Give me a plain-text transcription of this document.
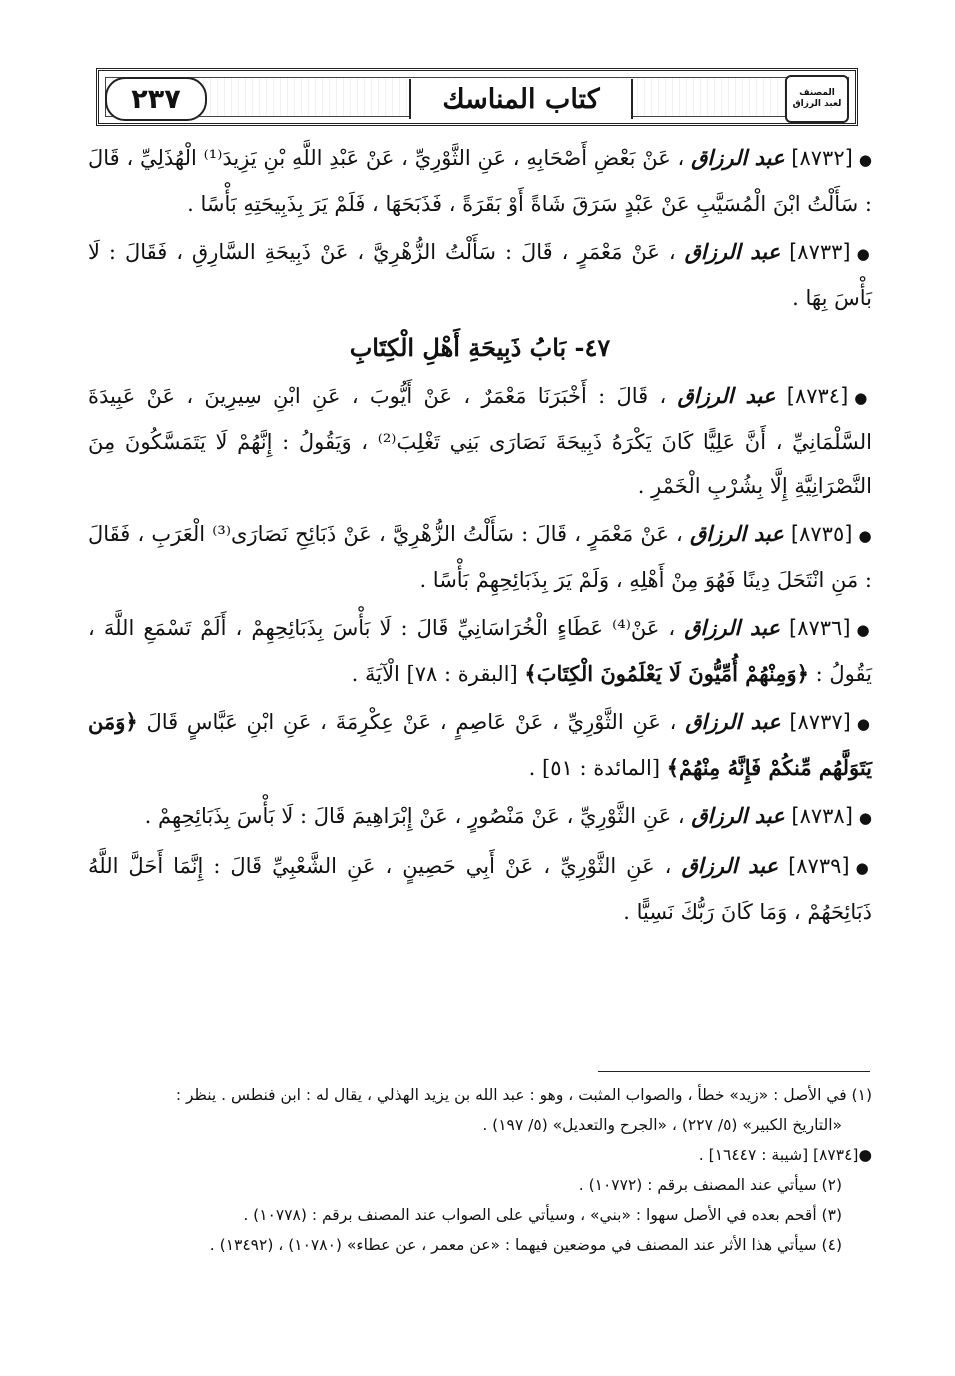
٢٣٧	كتاب المناسك	المصنف
لعبد الرزاق
●[٨٧٣٢] عبد الرزاق ، عَنْ بَعْضِ أَصْحَابِهِ ، عَنِ الثَّوْرِيِّ ، عَنْ عَبْدِ اللَّهِ بْنِ يَزِيدَ⁽¹⁾ الْهُذَلِيِّ ، قَالَ : سَأَلْتُ ابْنَ الْمُسَيَّبِ عَنْ عَبْدٍ سَرَقَ شَاةً أَوْ بَقَرَةً ، فَذَبَحَهَا ، فَلَمْ يَرَ بِذَبِيحَتِهِ بَأْسًا .
●[٨٧٣٣] عبد الرزاق ، عَنْ مَعْمَرٍ ، قَالَ : سَأَلْتُ الزُّهْرِيَّ ، عَنْ ذَبِيحَةِ السَّارِقِ ، فَقَالَ : لَا بَأْسَ بِهَا .
٤٧- بَابُ ذَبِيحَةِ أَهْلِ الْكِتَابِ
●[٨٧٣٤] عبد الرزاق ، قَالَ : أَخْبَرَنَا مَعْمَرٌ ، عَنْ أَيُّوبَ ، عَنِ ابْنِ سِيرِينَ ، عَنْ عَبِيدَةَ السَّلْمَانِيِّ ، أَنَّ عَلِيًّا كَانَ يَكْرَهُ ذَبِيحَةَ نَصَارَى بَنِي تَغْلِبَ⁽²⁾ ، وَيَقُولُ : إِنَّهُمْ لَا يَتَمَسَّكُونَ مِنَ النَّصْرَانِيَّةِ إِلَّا بِشُرْبِ الْخَمْرِ .
●[٨٧٣٥] عبد الرزاق ، عَنْ مَعْمَرٍ ، قَالَ : سَأَلْتُ الزُّهْرِيَّ ، عَنْ ذَبَائِحِ نَصَارَى⁽³⁾ الْعَرَبِ ، فَقَالَ : مَنِ انْتَحَلَ دِينًا فَهُوَ مِنْ أَهْلِهِ ، وَلَمْ يَرَ بِذَبَائِحِهِمْ بَأْسًا .
●[٨٧٣٦] عبد الرزاق ، عَنْ⁽⁴⁾ عَطَاءٍ الْخُرَاسَانِيِّ قَالَ : لَا بَأْسَ بِذَبَائِحِهِمْ ، أَلَمْ تَسْمَعِ اللَّهَ ، يَقُولُ : ﴿وَمِنْهُمْ أُمِّيُّونَ لَا يَعْلَمُونَ الْكِتَابَ﴾ [البقرة : ٧٨] الْآيَةَ .
●[٨٧٣٧] عبد الرزاق ، عَنِ الثَّوْرِيِّ ، عَنْ عَاصِمٍ ، عَنْ عِكْرِمَةَ ، عَنِ ابْنِ عَبَّاسٍ قَالَ ﴿وَمَن يَتَوَلَّهُم مِّنكُمْ فَإِنَّهُ مِنْهُمْ﴾ [المائدة : ٥١] .
●[٨٧٣٨] عبد الرزاق ، عَنِ الثَّوْرِيِّ ، عَنْ مَنْصُورٍ ، عَنْ إِبْرَاهِيمَ قَالَ : لَا بَأْسَ بِذَبَائِحِهِمْ .
●[٨٧٣٩] عبد الرزاق ، عَنِ الثَّوْرِيِّ ، عَنْ أَبِي حَصِينٍ ، عَنِ الشَّعْبِيِّ قَالَ : إِنَّمَا أَحَلَّ اللَّهُ ذَبَائِحَهُمْ ، وَمَا كَانَ رَبُّكَ نَسِيًّا .

(١) في الأصل : «زيد» خطأ ، والصواب المثبت ، وهو : عبد الله بن يزيد الهذلي ، يقال له : ابن فنطس . ينظر :

«التاريخ الكبير» (٥/ ٢٢٧) ، «الجرح والتعديل» (٥/ ١٩٧) .

●[٨٧٣٤] [شيبة : ١٦٤٤٧] .

(٢) سيأتي عند المصنف برقم : (١٠٧٧٢) .

(٣) أقحم بعده في الأصل سهوا : «بني» ، وسيأتي على الصواب عند المصنف برقم : (١٠٧٧٨) .

(٤) سيأتي هذا الأثر عند المصنف في موضعين فيهما : «عن معمر ، عن عطاء» (١٠٧٨٠) ، (١٣٤٩٢) .
